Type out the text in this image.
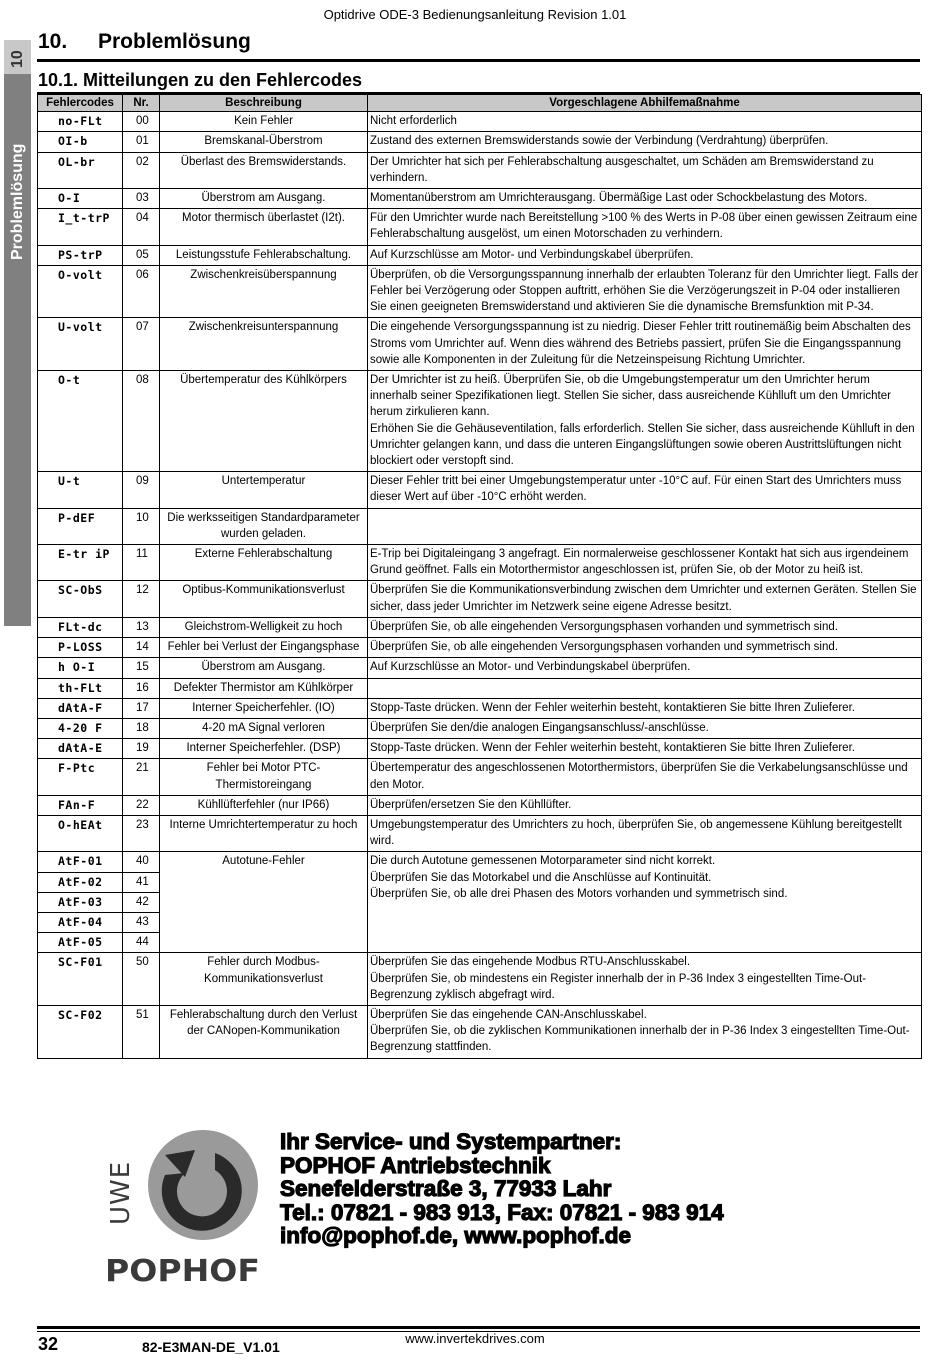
Optidrive ODE-3 Bedienungsanleitung Revision 1.01
10
Problemlösung
10. Problemlösung
10.1. Mitteilungen zu den Fehlercodes
Fehlercodes	Nr.	Beschreibung	Vorgeschlagene Abhilfemaßnahme
no-FLt	00	Kein Fehler	Nicht erforderlich

OI-b	01	Bremskanal-Überstrom	Zustand des externen Bremswiderstands sowie der Verbindung (Verdrahtung) überprüfen.

OL-br	02	Überlast des Bremswiderstands.	Der Umrichter hat sich per Fehlerabschaltung ausgeschaltet, um Schäden am Bremswiderstand zu verhindern.

O-I	03	Überstrom am Ausgang.	Momentanüberstrom am Umrichterausgang. Übermäßige Last oder Schockbelastung des Motors.

I_t-trP	04	Motor thermisch überlastet (I2t).	Für den Umrichter wurde nach Bereitstellung >100 % des Werts in P-08 über einen gewissen Zeitraum eine Fehlerabschaltung ausgelöst, um einen Motorschaden zu verhindern.

PS-trP	05	Leistungsstufe Fehlerabschaltung.	Auf Kurzschlüsse am Motor- und Verbindungskabel überprüfen.

O-volt	06	Zwischenkreisüberspannung	Überprüfen, ob die Versorgungsspannung innerhalb der erlaubten Toleranz für den Umrichter liegt. Falls der Fehler bei Verzögerung oder Stoppen auftritt, erhöhen Sie die Verzögerungszeit in P-04 oder installieren Sie einen geeigneten Bremswiderstand und aktivieren Sie die dynamische Bremsfunktion mit P-34.

U-volt	07	Zwischenkreisunterspannung	Die eingehende Versorgungsspannung ist zu niedrig. Dieser Fehler tritt routinemäßig beim Abschalten des Stroms vom Umrichter auf. Wenn dies während des Betriebs passiert, prüfen Sie die Eingangsspannung sowie alle Komponenten in der Zuleitung für die Netzeinspeisung Richtung Umrichter.

O-t	08	Übertemperatur des Kühlkörpers	Der Umrichter ist zu heiß. Überprüfen Sie, ob die Umgebungstemperatur um den Umrichter herum innerhalb seiner Spezifikationen liegt. Stellen Sie sicher, dass ausreichende Kühlluft um den Umrichter herum zirkulieren kann.
Erhöhen Sie die Gehäuseventilation, falls erforderlich. Stellen Sie sicher, dass ausreichende Kühlluft in den Umrichter gelangen kann, und dass die unteren Eingangslüftungen sowie oberen Austrittslüftungen nicht blockiert oder verstopft sind.

U-t	09	Untertemperatur	Dieser Fehler tritt bei einer Umgebungstemperatur unter -10°C auf. Für einen Start des Umrichters muss dieser Wert auf über -10°C erhöht werden.

P-dEF	10	Die werksseitigen Standardparameter wurden geladen.	

E-tr iP	11	Externe Fehlerabschaltung	E-Trip bei Digitaleingang 3 angefragt. Ein normalerweise geschlossener Kontakt hat sich aus irgendeinem Grund geöffnet. Falls ein Motorthermistor angeschlossen ist, prüfen Sie, ob der Motor zu heiß ist.

SC-ObS	12	Optibus-Kommunikationsverlust	Überprüfen Sie die Kommunikationsverbindung zwischen dem Umrichter und externen Geräten. Stellen Sie sicher, dass jeder Umrichter im Netzwerk seine eigene Adresse besitzt.

FLt-dc	13	Gleichstrom-Welligkeit zu hoch	Überprüfen Sie, ob alle eingehenden Versorgungsphasen vorhanden und symmetrisch sind.

P-LOSS	14	Fehler bei Verlust der Eingangsphase	Überprüfen Sie, ob alle eingehenden Versorgungsphasen vorhanden und symmetrisch sind.

h O-I	15	Überstrom am Ausgang.	Auf Kurzschlüsse an Motor- und Verbindungskabel überprüfen.

th-FLt	16	Defekter Thermistor am Kühlkörper	

dAtA-F	17	Interner Speicherfehler. (IO)	Stopp-Taste drücken. Wenn der Fehler weiterhin besteht, kontaktieren Sie bitte Ihren Zulieferer.

4-20 F	18	4-20 mA Signal verloren	Überprüfen Sie den/die analogen Eingangsanschluss/-anschlüsse.

dAtA-E	19	Interner Speicherfehler. (DSP)	Stopp-Taste drücken. Wenn der Fehler weiterhin besteht, kontaktieren Sie bitte Ihren Zulieferer.

F-Ptc	21	Fehler bei Motor PTC-Thermistoreingang	Übertemperatur des angeschlossenen Motorthermistors, überprüfen Sie die Verkabelungsanschlüsse und den Motor.

FAn-F	22	Kühllüfterfehler (nur IP66)	Überprüfen/ersetzen Sie den Kühllüfter.

O-hEAt	23	Interne Umrichtertemperatur zu hoch	Umgebungstemperatur des Umrichters zu hoch, überprüfen Sie, ob angemessene Kühlung bereitgestellt wird.

AtF-01	40	Autotune-Fehler	Die durch Autotune gemessenen Motorparameter sind nicht korrekt.
Überprüfen Sie das Motorkabel und die Anschlüsse auf Kontinuität.
Überprüfen Sie, ob alle drei Phasen des Motors vorhanden und symmetrisch sind.

AtF-02	41		
AtF-03	42		
AtF-04	43		
AtF-05	44		
SC-F01	50	Fehler durch Modbus-Kommunikationsverlust	Überprüfen Sie das eingehende Modbus RTU-Anschlusskabel.
Überprüfen Sie, ob mindestens ein Register innerhalb der in P-36 Index 3 eingestellten Time-Out-Begrenzung zyklisch abgefragt wird.

SC-F02	51	Fehlerabschaltung durch den Verlust der CANopen-Kommunikation	Überprüfen Sie das eingehende CAN-Anschlusskabel.
Überprüfen Sie, ob die zyklischen Kommunikationen innerhalb der in P-36 Index 3 eingestellten Time-Out-Begrenzung stattfinden.
UWE
POPHOF
Ihr Service- und Systempartner:
POPHOF Antriebstechnik
Senefelderstraße 3, 77933 Lahr
Tel.: 07821 - 983 913, Fax: 07821 - 983 914
info@pophof.de, www.pophof.de
32	82-E3MAN-DE_V1.01
www.invertekdrives.com
